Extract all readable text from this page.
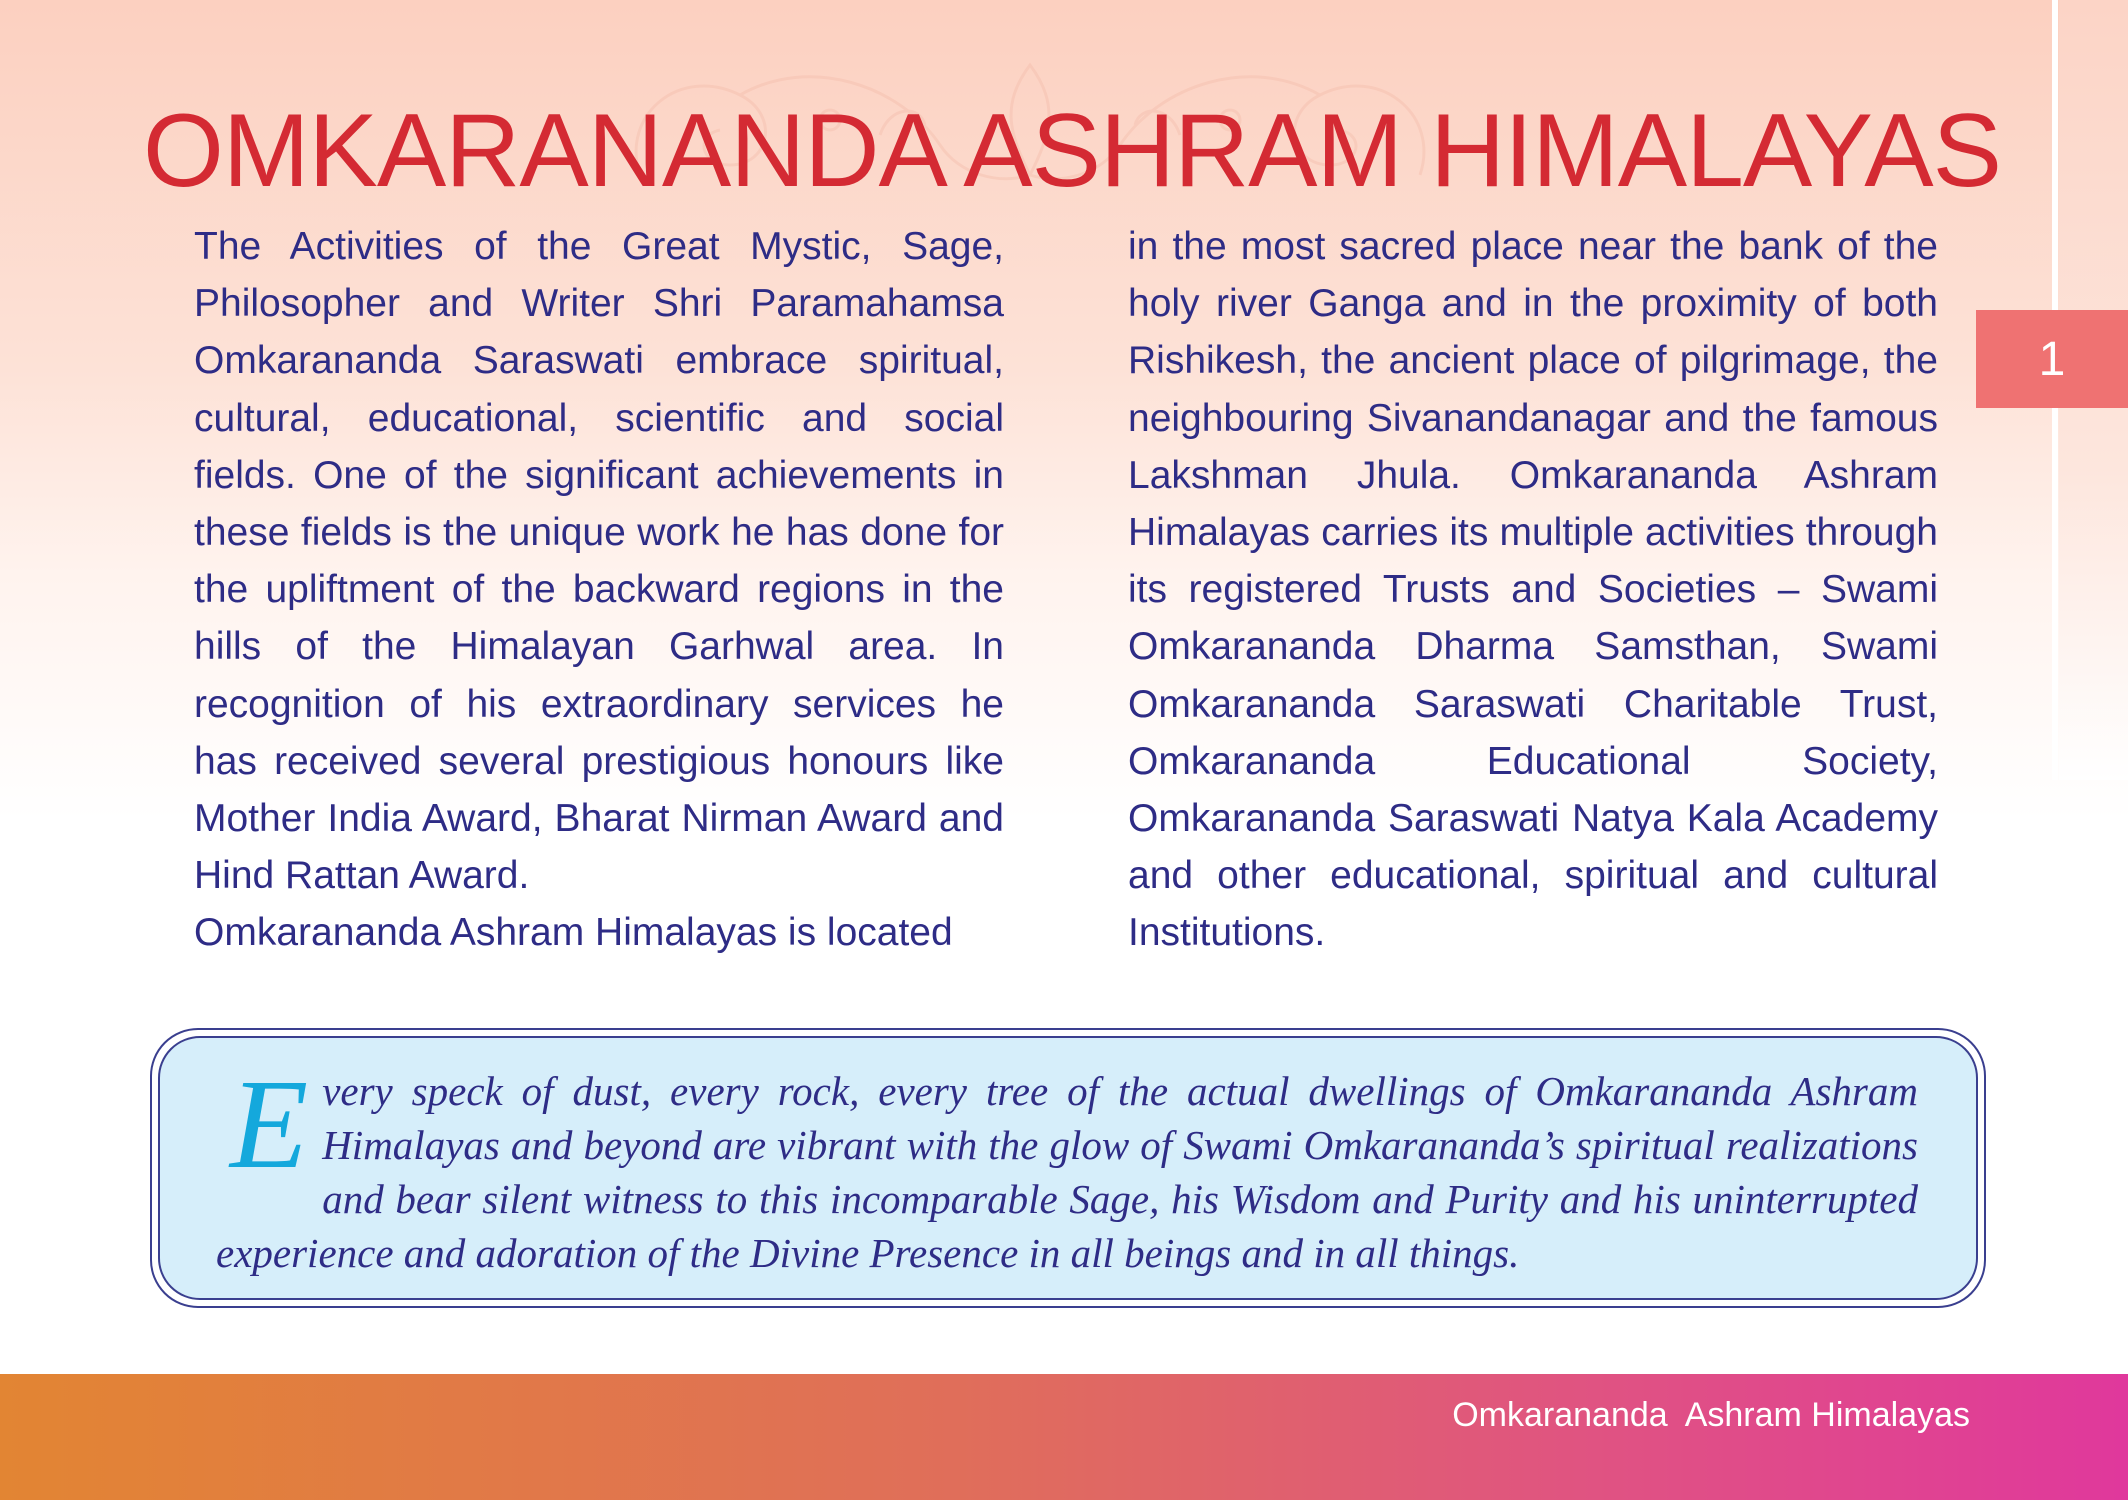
1
OMKARANANDA ASHRAM HIMALAYAS

The Activities of the Great Mystic, Sage, Philosopher and Writer Shri Paramahamsa Omkarananda Saraswati embrace spiritual, cultural, educational, scientific and social fields. One of the significant achievements in these fields is the unique work he has done for the upliftment of the backward regions in the hills of the Himalayan Garhwal area. In recognition of his extraordinary services he has received several prestigious honours like Mother India Award, Bharat Nirman Award and Hind Rattan Award.

Omkarananda Ashram Himalayas is located

in the most sacred place near the bank of the holy river Ganga and in the proximity of both Rishikesh, the ancient place of pilgrimage, the neighbouring Sivanandanagar and the famous Lakshman Jhula. Omkarananda Ashram Himalayas carries its multiple activities through its registered Trusts and Societies – Swami Omkarananda Dharma Samsthan, Swami Omkarananda Saraswati Charitable Trust, Omkarananda Educational Society, Omkarananda Saraswati Natya Kala Academy and other educational, spiritual and cultural Institutions.

Every speck of dust, every rock, every tree of the actual dwellings of Omkarananda Ashram Himalayas and beyond are vibrant with the glow of Swami Omkarananda’s spiritual realizations and bear silent witness to this incomparable Sage, his Wisdom and Purity and his uninterrupted experience and adoration of the Divine Presence in all beings and in all things.
Omkarananda  Ashram Himalayas
